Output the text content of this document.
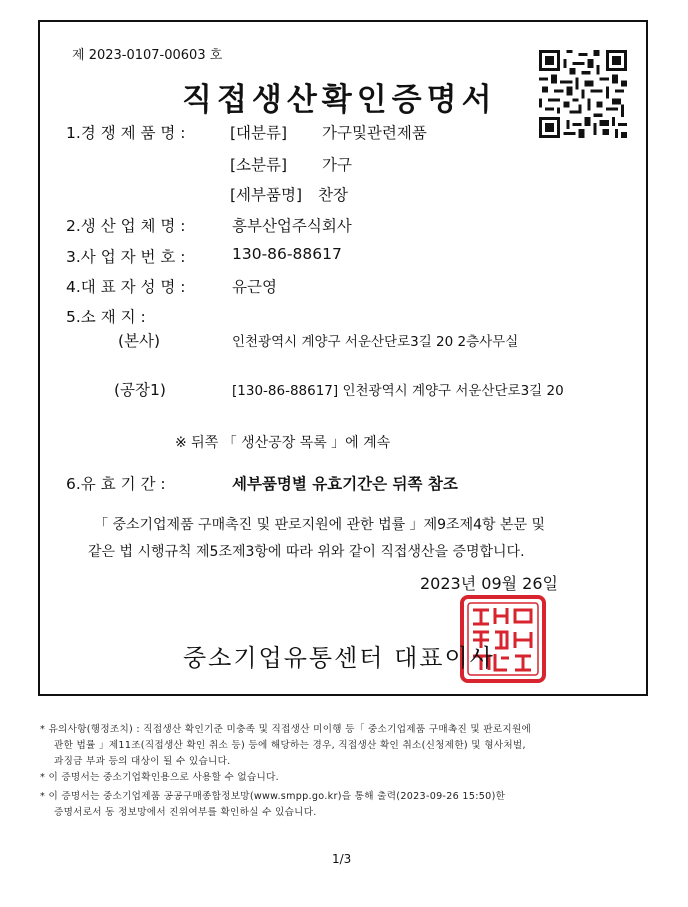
제 2023-0107-00603 호
직접생산확인증명서
1.경 쟁 제 품 명 :	[대분류] 가구및관련제품
[소분류] 가구
[세부품명] 찬장
2.생 산 업 체 명 :	흥부산업주식회사
3.사 업 자 번 호 :	130-86-88617
4.대 표 자 성 명 :	유근영
5.소 재 지 :
(본사)	인천광역시 계양구 서운산단로3길 20 2층사무실
(공장1)	[130-86-88617] 인천광역시 계양구 서운산단로3길 20
※ 뒤쪽 「 생산공장 목록 」에 계속
6.유 효 기 간 :	세부품명별 유효기간은 뒤쪽 참조
「 중소기업제품 구매촉진 및 판로지원에 관한 법률 」제9조제4항 본문 및
같은 법 시행규칙 제5조제3항에 따라 위와 같이 직접생산을 증명합니다.
2023년 09월 26일
중소기업유통센터 대표이사
* 유의사항(행정조치) : 직접생산 확인기준 미충족 및 직접생산 미이행 등「 중소기업제품 구매촉진 및 판로지원에
관한 법률 」제11조(직접생산 확인 취소 등) 등에 해당하는 경우, 직접생산 확인 취소(신청제한) 및 형사처벌,
과징금 부과 등의 대상이 될 수 있습니다.
* 이 증명서는 중소기업확인용으로 사용할 수 없습니다.
* 이 증명서는 중소기업제품 공공구매종합정보망(www.smpp.go.kr)을 통해 출력(2023-09-26 15:50)한
증명서로서 동 정보망에서 진위여부를 확인하실 수 있습니다.
1/3
